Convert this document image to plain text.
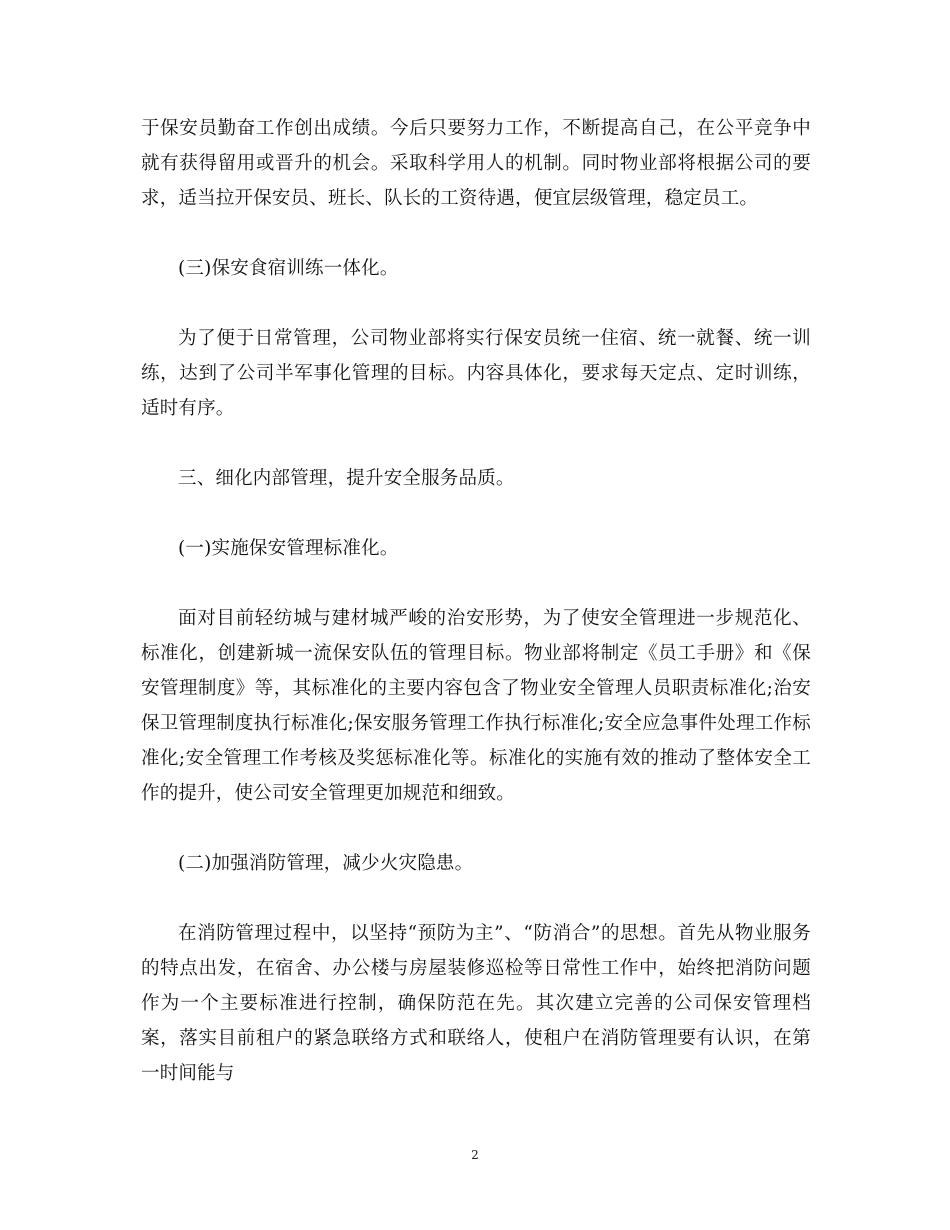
于保安员勤奋工作创出成绩。今后只要努力工作，不断提高自己，在公平竞争中就有获得留用或晋升的机会。采取科学用人的机制。同时物业部将根据公司的要求，适当拉开保安员、班长、队长的工资待遇，便宜层级管理，稳定员工。

(三)保安食宿训练一体化。

为了便于日常管理，公司物业部将实行保安员统一住宿、统一就餐、统一训练，达到了公司半军事化管理的目标。内容具体化，要求每天定点、定时训练，适时有序。

三、细化内部管理，提升安全服务品质。

(一)实施保安管理标准化。

面对目前轻纺城与建材城严峻的治安形势，为了使安全管理进一步规范化、标准化，创建新城一流保安队伍的管理目标。物业部将制定《员工手册》和《保安管理制度》等，其标准化的主要内容包含了物业安全管理人员职责标准化;治安保卫管理制度执行标准化;保安服务管理工作执行标准化;安全应急事件处理工作标准化;安全管理工作考核及奖惩标准化等。标准化的实施有效的推动了整体安全工作的提升，使公司安全管理更加规范和细致。

(二)加强消防管理，减少火灾隐患。

在消防管理过程中，以坚持“预防为主”、“防消合”的思想。首先从物业服务的特点出发，在宿舍、办公楼与房屋装修巡检等日常性工作中，始终把消防问题作为一个主要标准进行控制，确保防范在先。其次建立完善的公司保安管理档案，落实目前租户的紧急联络方式和联络人，使租户在消防管理要有认识，在第一时间能与

2
